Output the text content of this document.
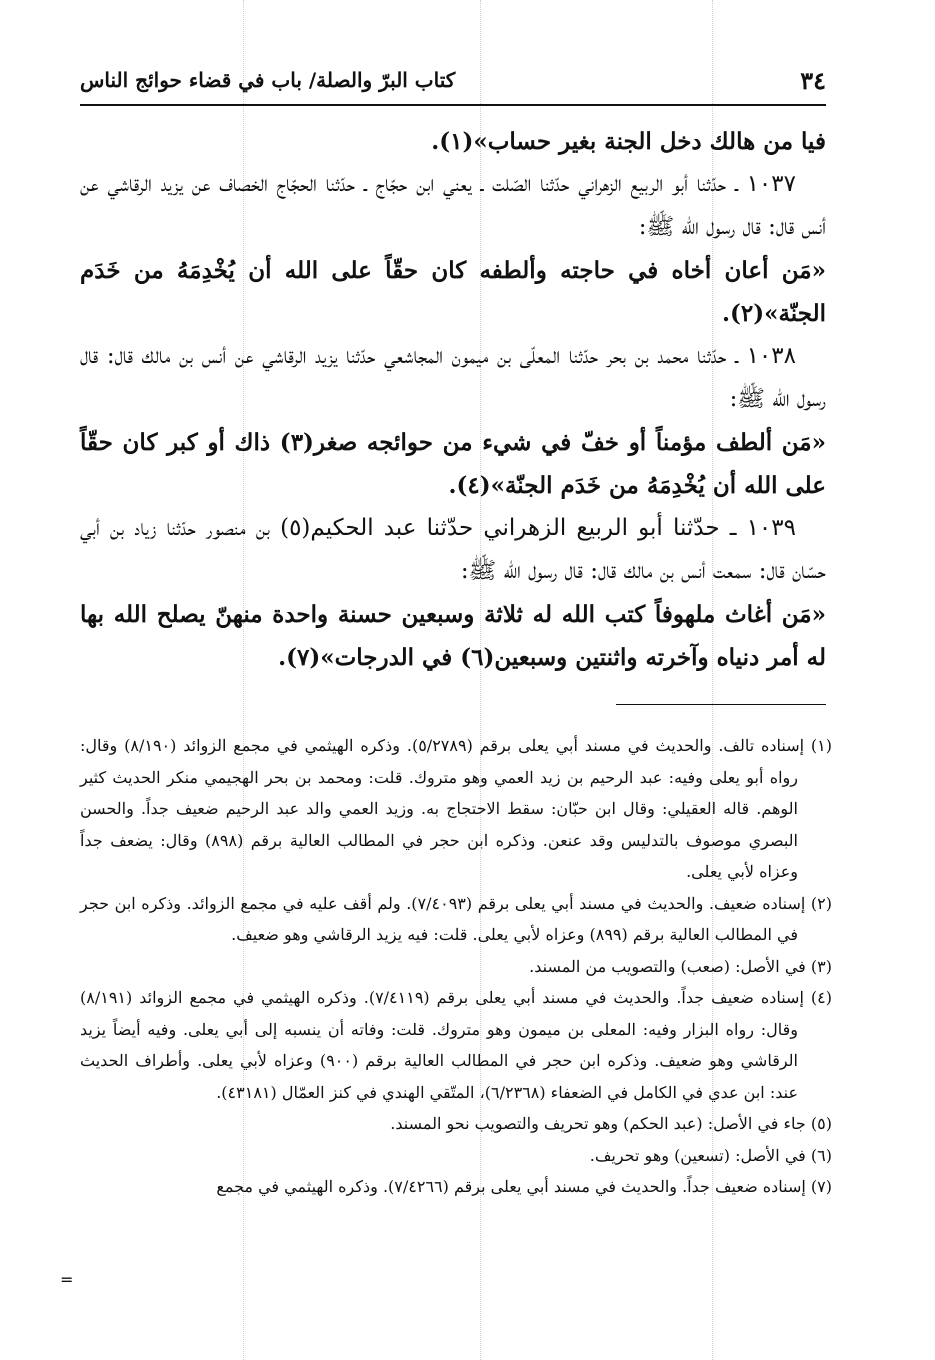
٣٤
كتاب البرّ والصلة/ باب في قضاء حوائج الناس

فيا من هالك دخل الجنة بغير حساب»(١).

١٠٣٧ ـ حدّثنا أبو الربيع الزهراني حدّثنا الصّلت ـ يعني ابن حجّاج ـ حدّثنا الحجّاج الخصاف عن يزيد الرقاشي عن أنس قال: قال رسول الله ﷺ:

«مَن أعان أخاه في حاجته وألطفه كان حقّاً على الله أن يُخْدِمَهُ من خَدَم الجنّة»(٢).

١٠٣٨ ـ حدّثنا محمد بن بحر حدّثنا المعلّى بن ميمون المجاشعي حدّثنا يزيد الرقاشي عن أنس بن مالك قال: قال رسول الله ﷺ:

«مَن ألطف مؤمناً أو خفّ في شيء من حوائجه صغر(٣) ذاك أو كبر كان حقّاً على الله أن يُخْدِمَهُ من خَدَم الجنّة»(٤).

١٠٣٩ ـ حدّثنا أبو الربيع الزهراني حدّثنا عبد الحكيم(٥) بن منصور حدّثنا زياد بن أبي حسّان قال: سمعت أنس بن مالك قال: قال رسول الله ﷺ:

«مَن أغاث ملهوفاً كتب الله له ثلاثة وسبعين حسنة واحدة منهنّ يصلح الله بها له أمر دنياه وآخرته واثنتين وسبعين(٦) في الدرجات»(٧).

(١) إسناده تالف. والحديث في مسند أبي يعلى برقم (٥/٢٧٨٩). وذكره الهيثمي في مجمع الزوائد (٨/١٩٠) وقال: رواه أبو يعلى وفيه: عبد الرحيم بن زيد العمي وهو متروك. قلت: ومحمد بن بحر الهجيمي منكر الحديث كثير الوهم. قاله العقيلي: وقال ابن حبّان: سقط الاحتجاج به. وزيد العمي والد عبد الرحيم ضعيف جداً. والحسن البصري موصوف بالتدليس وقد عنعن. وذكره ابن حجر في المطالب العالية برقم (٨٩٨) وقال: يضعف جداً وعزاه لأبي يعلى.

(٢) إسناده ضعيف. والحديث في مسند أبي يعلى برقم (٧/٤٠٩٣). ولم أقف عليه في مجمع الزوائد. وذكره ابن حجر في المطالب العالية برقم (٨٩٩) وعزاه لأبي يعلى. قلت: فيه يزيد الرقاشي وهو ضعيف.

(٣) في الأصل: (صعب) والتصويب من المسند.

(٤) إسناده ضعيف جداً. والحديث في مسند أبي يعلى برقم (٧/٤١١٩). وذكره الهيثمي في مجمع الزوائد (٨/١٩١) وقال: رواه البزار وفيه: المعلى بن ميمون وهو متروك. قلت: وفاته أن ينسبه إلى أبي يعلى. وفيه أيضاً يزيد الرقاشي وهو ضعيف. وذكره ابن حجر في المطالب العالية برقم (٩٠٠) وعزاه لأبي يعلى. وأطراف الحديث عند: ابن عدي في الكامل في الضعفاء (٦/٢٣٦٨)، المتّقي الهندي في كنز العمّال (٤٣١٨١).

(٥) جاء في الأصل: (عبد الحكم) وهو تحريف والتصويب نحو المسند.

(٦) في الأصل: (تسعين) وهو تحريف.

(٧) إسناده ضعيف جداً. والحديث في مسند أبي يعلى برقم (٧/٤٢٦٦). وذكره الهيثمي في مجمع

=
